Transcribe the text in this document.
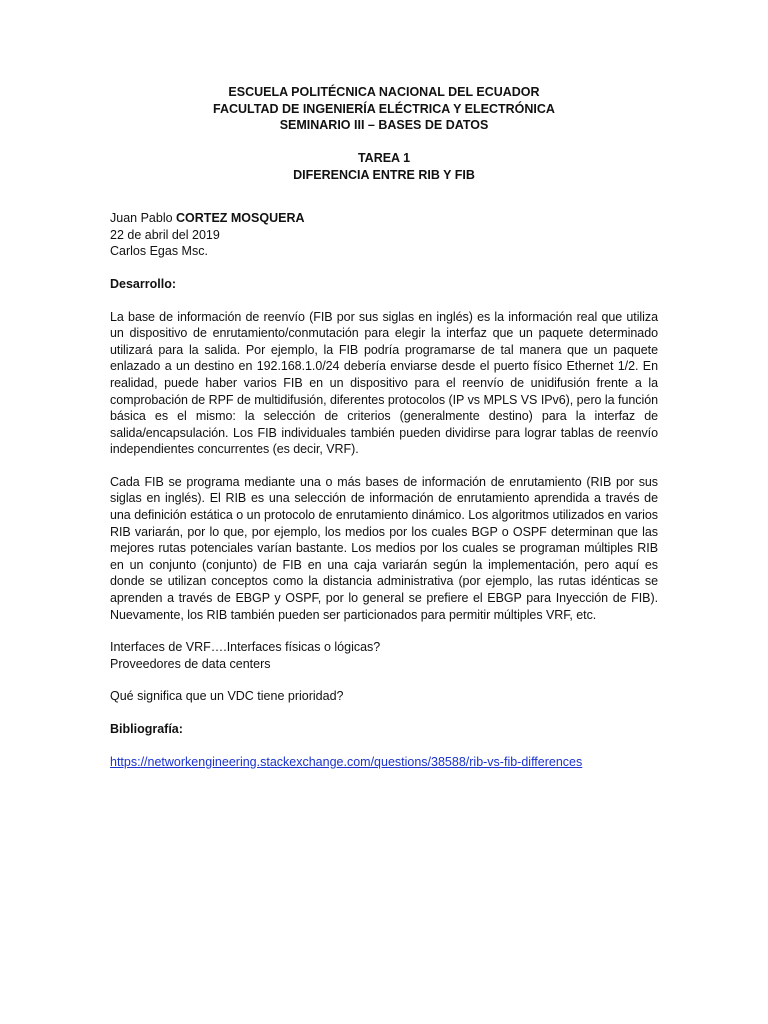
ESCUELA POLITÉCNICA NACIONAL DEL ECUADOR
FACULTAD DE INGENIERÍA ELÉCTRICA Y ELECTRÓNICA
SEMINARIO III – BASES DE DATOS
TAREA 1
DIFERENCIA ENTRE RIB Y FIB
Juan Pablo CORTEZ MOSQUERA
22 de abril del 2019
Carlos Egas Msc.
Desarrollo:
La base de información de reenvío (FIB por sus siglas en inglés) es la información real que utiliza un dispositivo de enrutamiento/conmutación para elegir la interfaz que un paquete determinado utilizará para la salida. Por ejemplo, la FIB podría programarse de tal manera que un paquete enlazado a un destino en 192.168.1.0/24 debería enviarse desde el puerto físico Ethernet 1/2. En realidad, puede haber varios FIB en un dispositivo para el reenvío de unidifusión frente a la comprobación de RPF de multidifusión, diferentes protocolos (IP vs MPLS VS IPv6), pero la función básica es el mismo: la selección de criterios (generalmente destino) para la interfaz de salida/encapsulación. Los FIB individuales también pueden dividirse para lograr tablas de reenvío independientes concurrentes (es decir, VRF).
Cada FIB se programa mediante una o más bases de información de enrutamiento (RIB por sus siglas en inglés). El RIB es una selección de información de enrutamiento aprendida a través de una definición estática o un protocolo de enrutamiento dinámico. Los algoritmos utilizados en varios RIB variarán, por lo que, por ejemplo, los medios por los cuales BGP o OSPF determinan que las mejores rutas potenciales varían bastante. Los medios por los cuales se programan múltiples RIB en un conjunto (conjunto) de FIB en una caja variarán según la implementación, pero aquí es donde se utilizan conceptos como la distancia administrativa (por ejemplo, las rutas idénticas se aprenden a través de EBGP y OSPF, por lo general se prefiere el EBGP para Inyección de FIB). Nuevamente, los RIB también pueden ser particionados para permitir múltiples VRF, etc.
Interfaces de VRF….Interfaces físicas o lógicas?
Proveedores de data centers
Qué significa que un VDC tiene prioridad?
Bibliografía:
https://networkengineering.stackexchange.com/questions/38588/rib-vs-fib-differences
